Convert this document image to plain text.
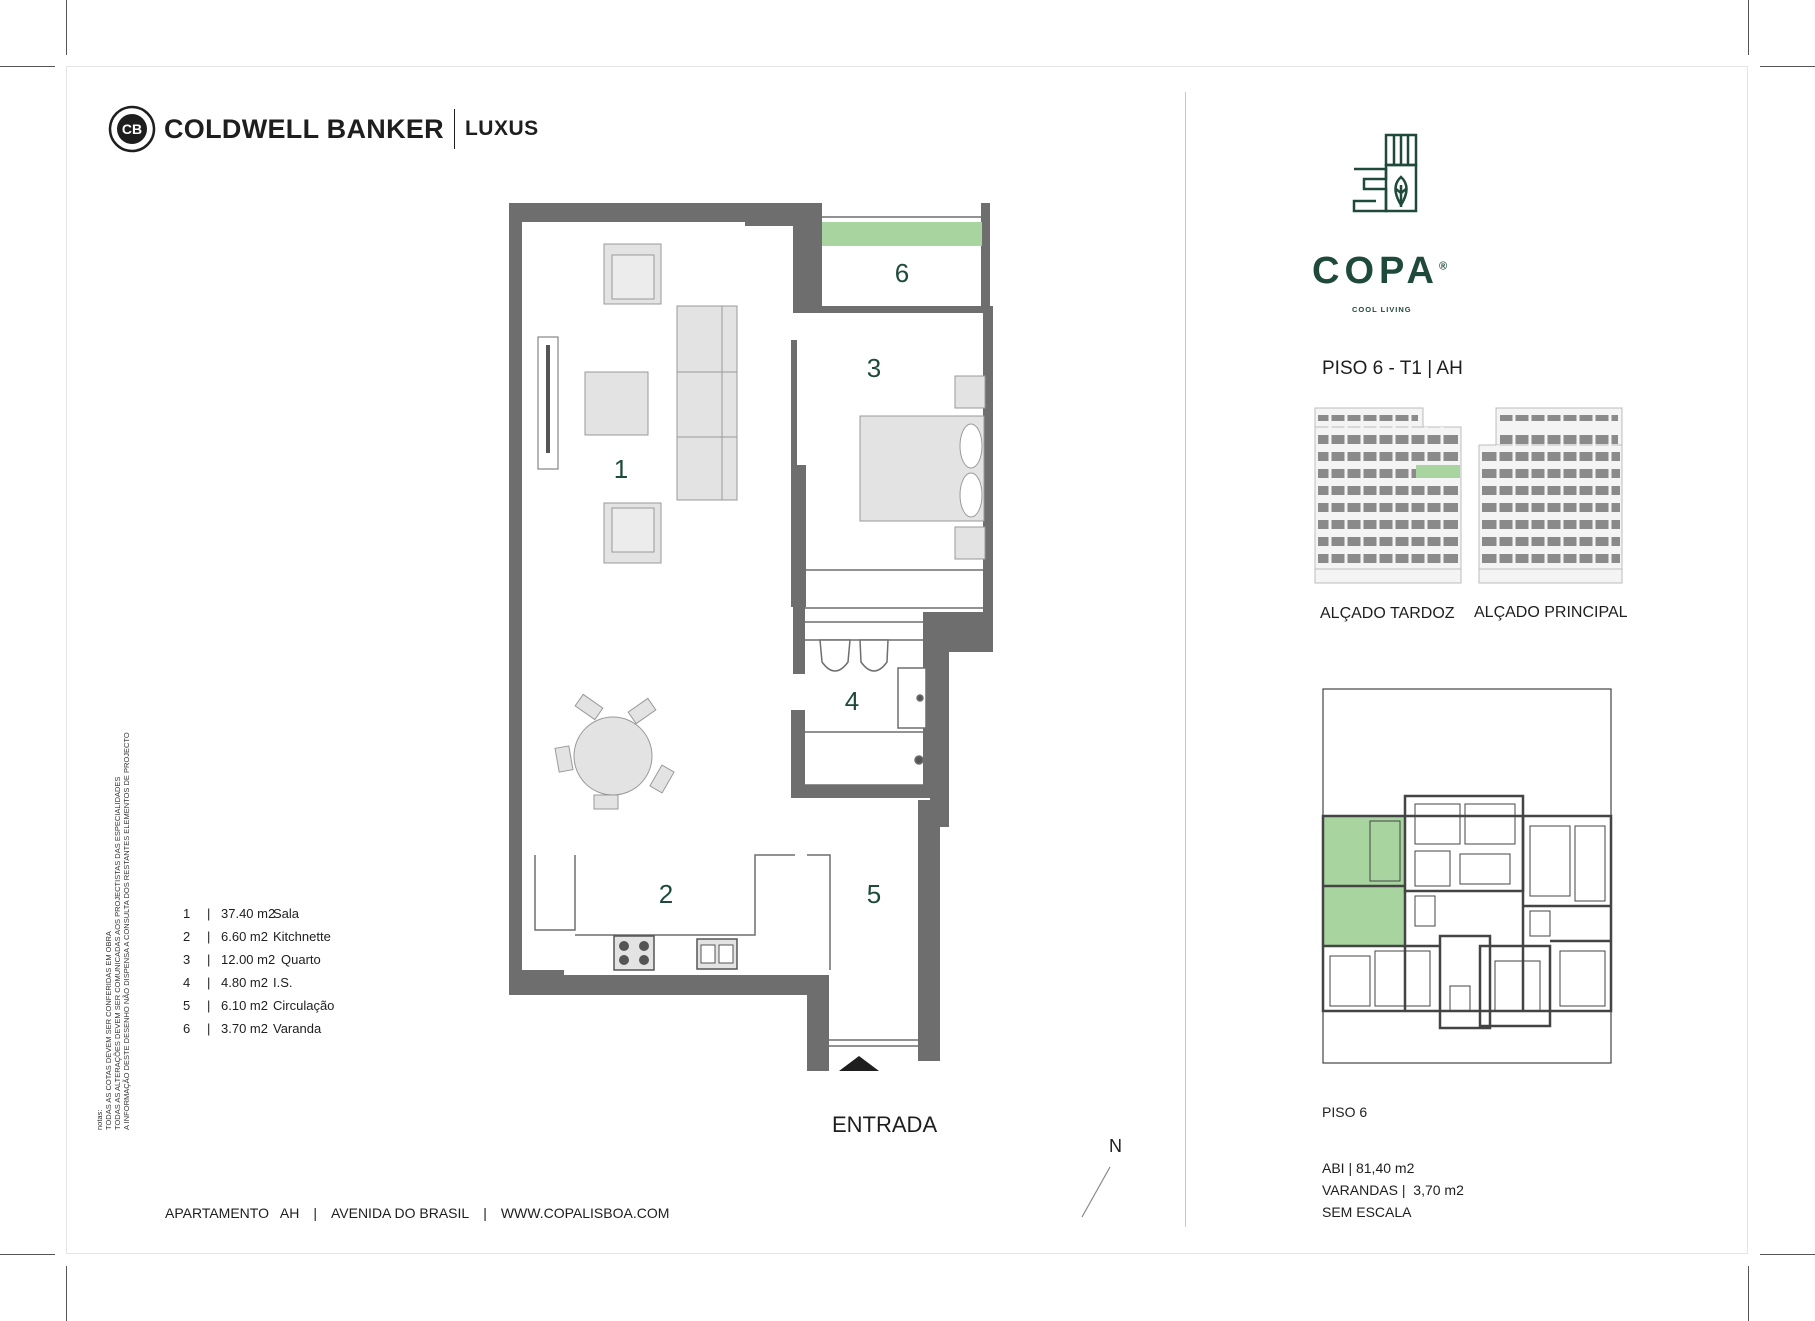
CB COLDWELL BANKER LUXUS
1
2
3
4
5
6
ENTRADA
N
1 | 37.40 m2Sala
2 | 6.60 m2 Kitchnette
3 | 12.00 m2 Quarto
4 | 4.80 m2 I.S.
5 | 6.10 m2 Circulação
6 | 3.70 m2 Varanda
notas: TODAS AS COTAS DEVEM SER CONFERIDAS EM OBRA TODAS AS ALTERAÇÕES DEVEM SER COMUNICADAS AOS PROJECTISTAS DAS ESPECIALIDADES A INFORMAÇÃO DESTE DESENHO NÃO DISPENSA A CONSULTA DOS RESTANTES ELEMENTOS DE PROJECTO
APARTAMENTO   AH | AVENIDA DO BRASIL | WWW.COPALISBOA.COM
COPA®
COOL LIVING
PISO 6 - T1 | AH
ALÇADO TARDOZ ALÇADO PRINCIPAL
PISO 6
ABI | 81,40 m2
VARANDAS |  3,70 m2
SEM ESCALA
